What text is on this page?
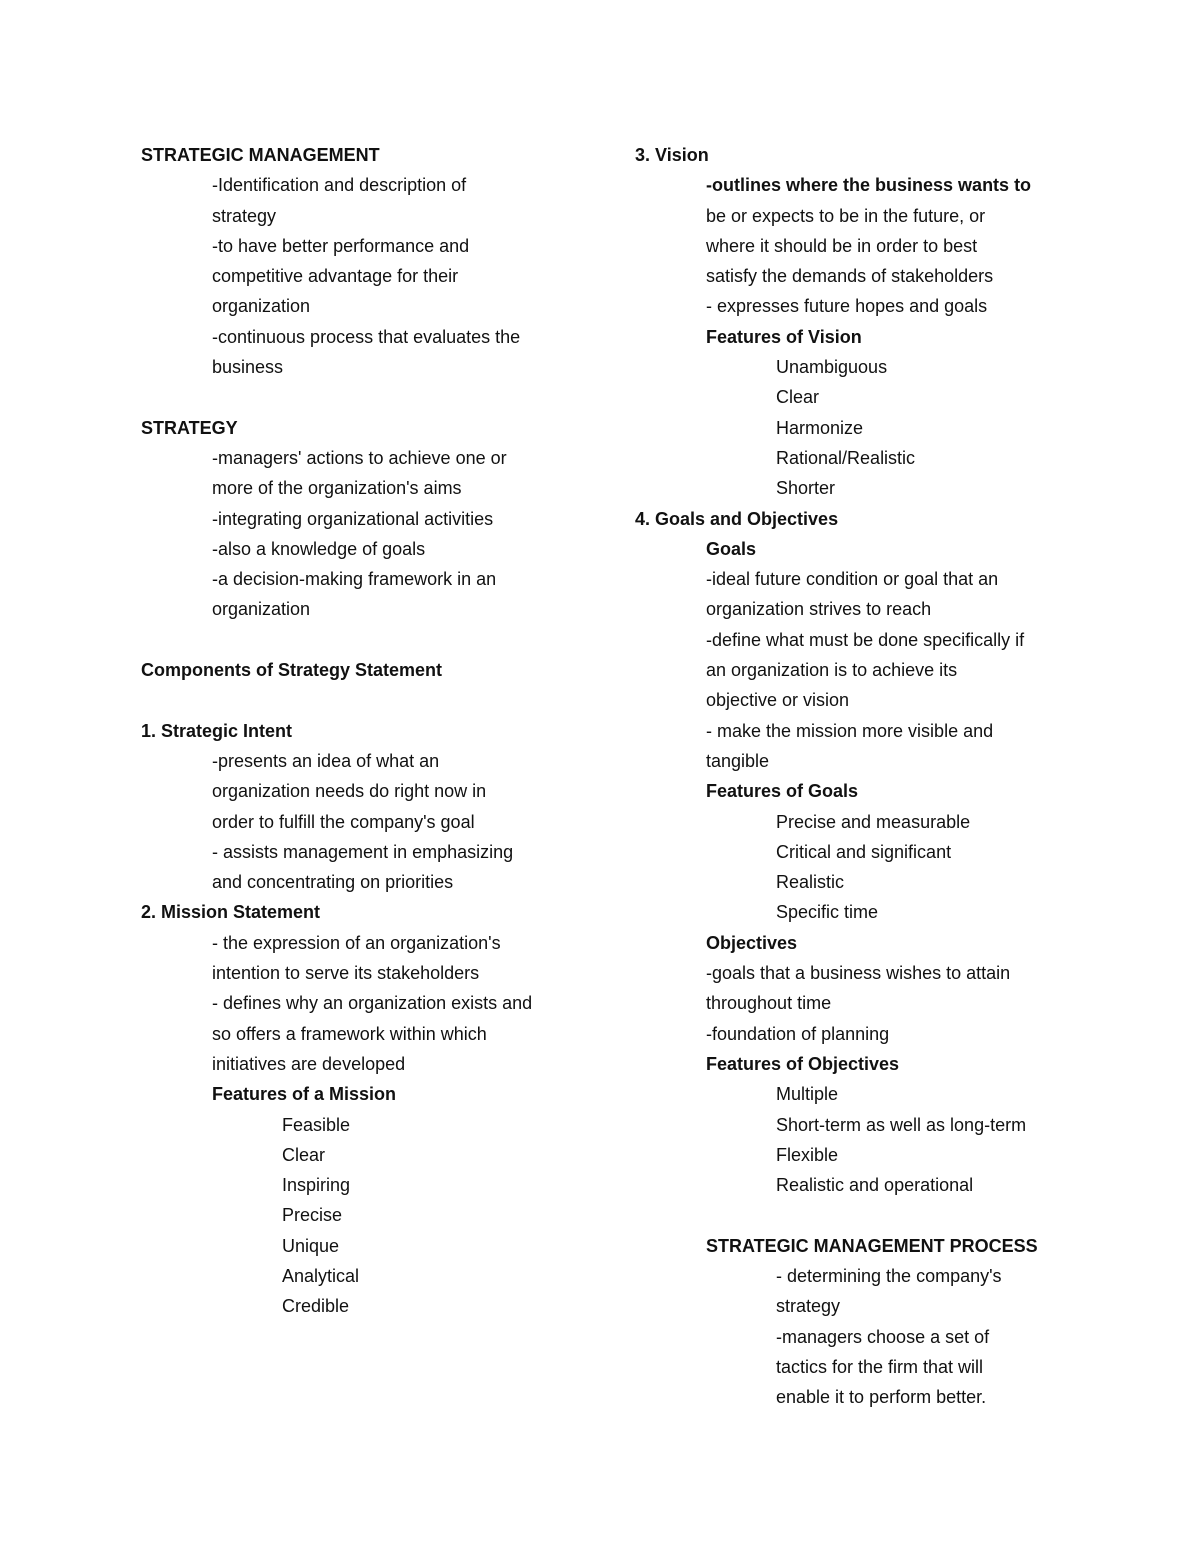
STRATEGIC MANAGEMENT
-Identification and description of
strategy
-to have better performance and
competitive advantage for their
organization
-continuous process that evaluates the
business
STRATEGY
-managers' actions to achieve one or
more of the organization's aims
-integrating organizational activities
-also a knowledge of goals
-a decision-making framework in an
organization
Components of Strategy Statement
1. Strategic Intent
-presents an idea of what an
organization needs do right now in
order to fulfill the company's goal
- assists management in emphasizing
and concentrating on priorities
2. Mission Statement
- the expression of an organization's
intention to serve its stakeholders
- defines why an organization exists and
so offers a framework within which
initiatives are developed
Features of a Mission
Feasible
Clear
Inspiring
Precise
Unique
Analytical
Credible
3. Vision
-outlines where the business wants to
be or expects to be in the future, or
where it should be in order to best
satisfy the demands of stakeholders
- expresses future hopes and goals
Features of Vision
Unambiguous
Clear
Harmonize
Rational/Realistic
Shorter
4. Goals and Objectives
Goals
-ideal future condition or goal that an
organization strives to reach
-define what must be done specifically if
an organization is to achieve its
objective or vision
- make the mission more visible and
tangible
Features of Goals
Precise and measurable
Critical and significant
Realistic
Specific time
Objectives
-goals that a business wishes to attain
throughout time
-foundation of planning
Features of Objectives
Multiple
Short-term as well as long-term
Flexible
Realistic and operational
STRATEGIC MANAGEMENT PROCESS
- determining the company's
strategy
-managers choose a set of
tactics for the firm that will
enable it to perform better.
